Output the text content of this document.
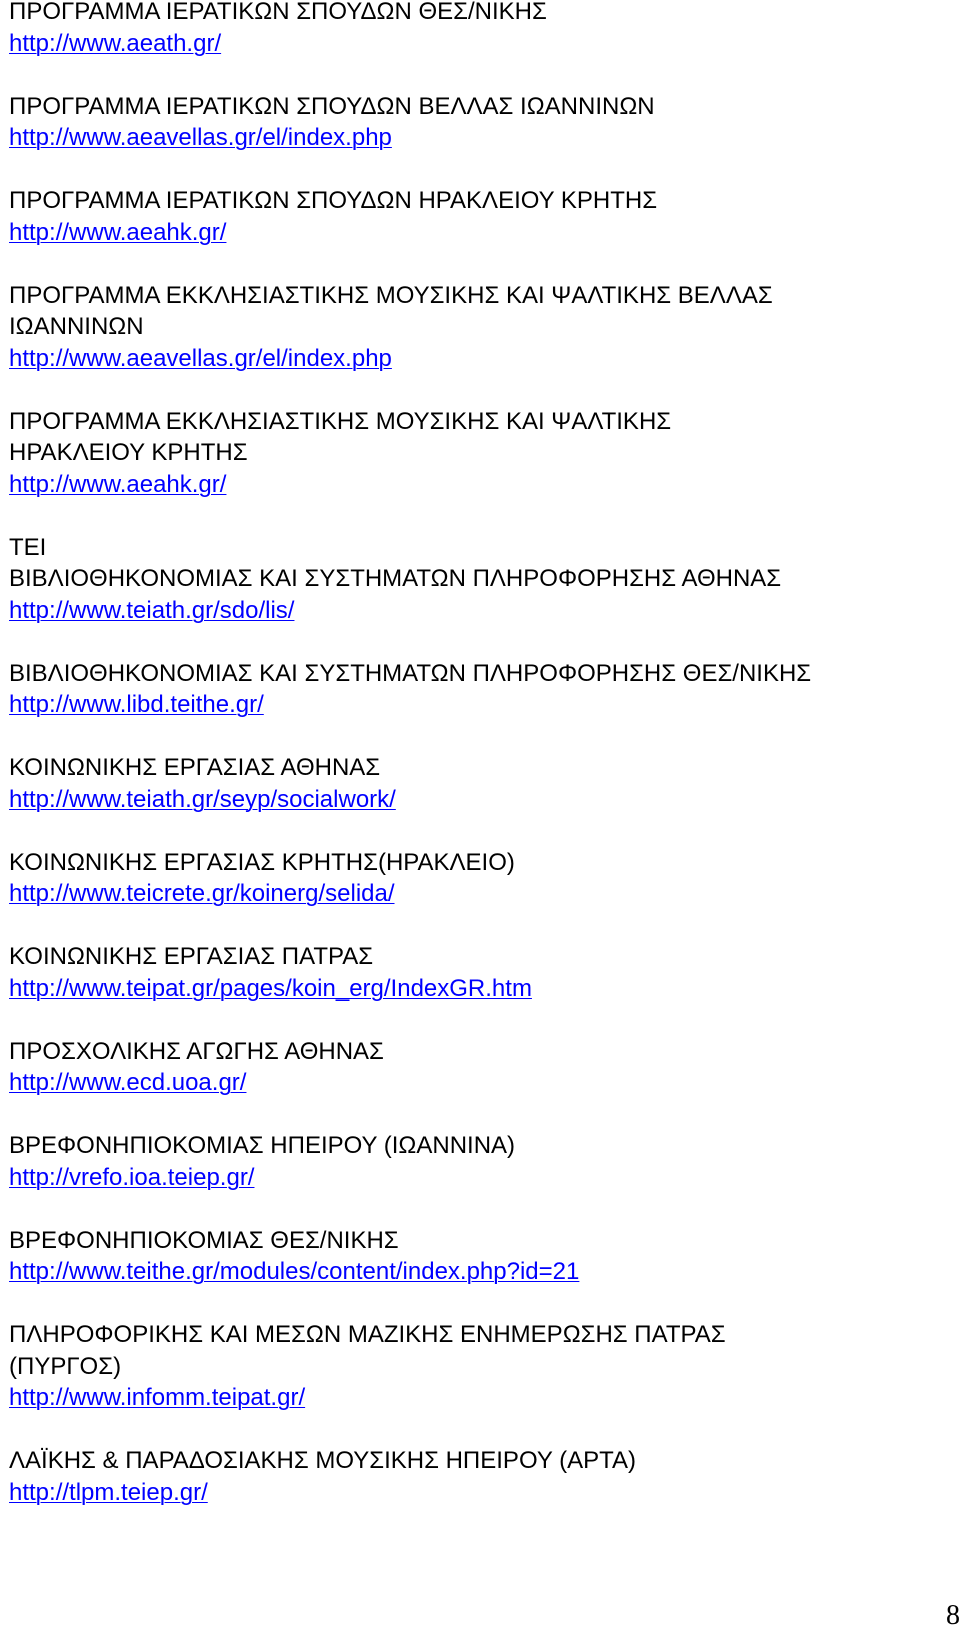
ΠΡΟΓΡΑΜΜΑ ΙΕΡΑΤΙΚΩΝ ΣΠΟΥΔΩΝ ΘΕΣ/ΝΙΚΗΣ
http://www.aeath.gr/
ΠΡΟΓΡΑΜΜΑ ΙΕΡΑΤΙΚΩΝ ΣΠΟΥΔΩΝ ΒΕΛΛΑΣ ΙΩΑΝΝΙΝΩΝ
http://www.aeavellas.gr/el/index.php
ΠΡΟΓΡΑΜΜΑ ΙΕΡΑΤΙΚΩΝ ΣΠΟΥΔΩΝ ΗΡΑΚΛΕΙΟΥ ΚΡΗΤΗΣ
http://www.aeahk.gr/
ΠΡΟΓΡΑΜΜΑ ΕΚΚΛΗΣΙΑΣΤΙΚΗΣ ΜΟΥΣΙΚΗΣ ΚΑΙ ΨΑΛΤΙΚΗΣ ΒΕΛΛΑΣ
ΙΩΑΝΝΙΝΩΝ
http://www.aeavellas.gr/el/index.php
ΠΡΟΓΡΑΜΜΑ ΕΚΚΛΗΣΙΑΣΤΙΚΗΣ ΜΟΥΣΙΚΗΣ ΚΑΙ ΨΑΛΤΙΚΗΣ
ΗΡΑΚΛΕΙΟΥ ΚΡΗΤΗΣ
http://www.aeahk.gr/
ΤΕΙ
ΒΙΒΛΙΟΘΗΚΟΝΟΜΙΑΣ ΚΑΙ ΣΥΣΤΗΜΑΤΩΝ ΠΛΗΡΟΦΟΡΗΣΗΣ ΑΘΗΝΑΣ
http://www.teiath.gr/sdo/lis/
ΒΙΒΛΙΟΘΗΚΟΝΟΜΙΑΣ ΚΑΙ ΣΥΣΤΗΜΑΤΩΝ ΠΛΗΡΟΦΟΡΗΣΗΣ ΘΕΣ/ΝΙΚΗΣ
http://www.libd.teithe.gr/
ΚΟΙΝΩΝΙΚΗΣ ΕΡΓΑΣΙΑΣ ΑΘΗΝΑΣ
http://www.teiath.gr/seyp/socialwork/
ΚΟΙΝΩΝΙΚΗΣ ΕΡΓΑΣΙΑΣ ΚΡΗΤΗΣ(ΗΡΑΚΛΕΙΟ)
http://www.teicrete.gr/koinerg/selida/
ΚΟΙΝΩΝΙΚΗΣ ΕΡΓΑΣΙΑΣ ΠΑΤΡΑΣ
http://www.teipat.gr/pages/koin_erg/IndexGR.htm
ΠΡΟΣΧΟΛΙΚΗΣ ΑΓΩΓΗΣ ΑΘΗΝΑΣ
http://www.ecd.uoa.gr/
ΒΡΕΦΟΝΗΠΙΟΚΟΜΙΑΣ ΗΠΕΙΡΟΥ (ΙΩΑΝΝΙΝΑ)
http://vrefo.ioa.teiep.gr/
ΒΡΕΦΟΝΗΠΙΟΚΟΜΙΑΣ ΘΕΣ/ΝΙΚΗΣ
http://www.teithe.gr/modules/content/index.php?id=21
ΠΛΗΡΟΦΟΡΙΚΗΣ ΚΑΙ ΜΕΣΩΝ ΜΑΖΙΚΗΣ ΕΝΗΜΕΡΩΣΗΣ ΠΑΤΡΑΣ
(ΠΥΡΓΟΣ)
http://www.infomm.teipat.gr/
ΛΑΪΚΗΣ & ΠΑΡΑΔΟΣΙΑΚΗΣ ΜΟΥΣΙΚΗΣ ΗΠΕΙΡΟΥ (ΑΡΤΑ)
http://tlpm.teiep.gr/
8
